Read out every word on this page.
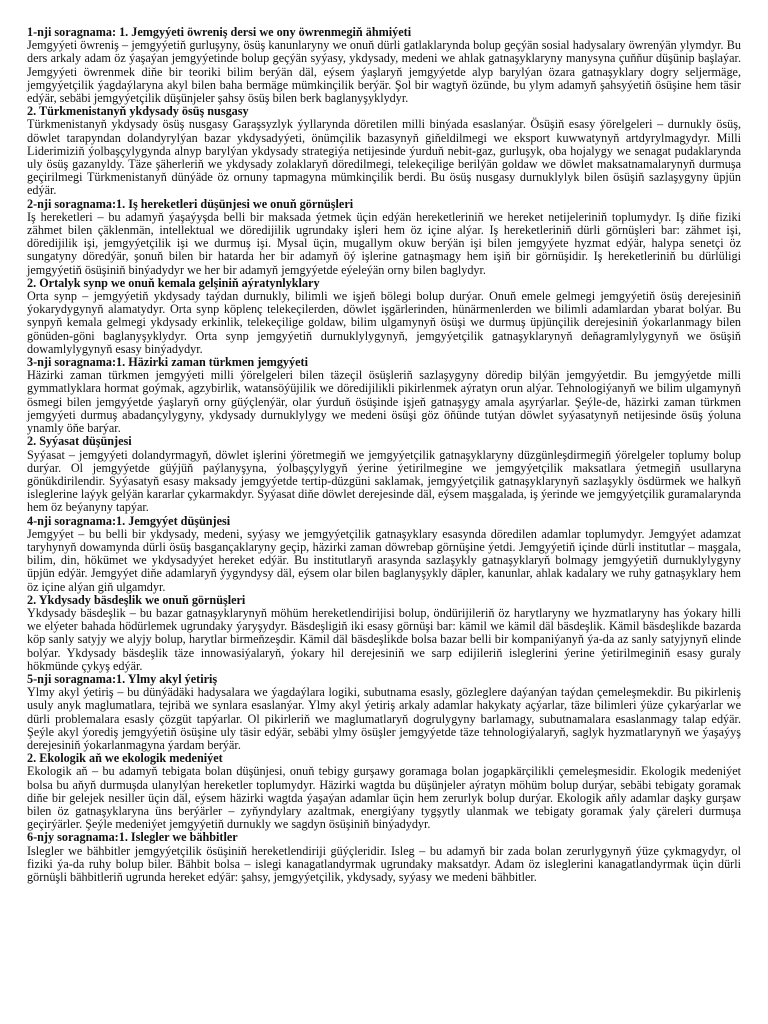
1-nji soragnama: 1. Jemgyýeti öwreniş dersi we ony öwrenmegiň ähmiýeti

Jemgyýeti öwreniş – jemgyýetiň gurluşyny, ösüş kanunlaryny we onuň dürli gatlaklarynda bolup geçýän sosial hadysalary öwrenýän ylymdyr. Bu ders arkaly adam öz ýaşaýan jemgyýetinde bolup geçýän syýasy, ykdysady, medeni we ahlak gatnaşyklaryny manysyna çuňňur düşünip başlaýar. Jemgyýeti öwrenmek diňe bir teoriki bilim berýän däl, eýsem ýaşlaryň jemgyýetde alyp barylýan özara gatnaşyklary dogry seljermäge, jemgyýetçilik ýagdaýlaryna akyl bilen baha bermäge mümkinçilik berýär. Şol bir wagtyň özünde, bu ylym adamyň şahsyýetiň ösüşine hem täsir edýär, sebäbi jemgyýetçilik düşünjeler şahsy ösüş bilen berk baglanyşyklydyr.

2. Türkmenistanyň ykdysady ösüş nusgasy

Türkmenistanyň ykdysady ösüş nusgasy Garaşsyzlyk ýyllarynda döretilen milli binýada esaslanýar. Ösüşiň esasy ýörelgeleri – durnukly ösüş, döwlet tarapyndan dolandyrylýan bazar ykdysadyýeti, önümçilik bazasynyň giňeldilmegi we eksport kuwwatynyň artdyrylmagydyr. Milli Liderimiziň ýolbaşçylygynda alnyp barylýan ykdysady strategiýa netijesinde ýurduň nebit-gaz, gurluşyk, oba hojalygy we senagat pudaklarynda uly ösüş gazanyldy. Täze şäherleriň we ykdysady zolaklaryň döredilmegi, telekeçilige berilýän goldaw we döwlet maksatnamalarynyň durmuşa geçirilmegi Türkmenistanyň dünýäde öz ornuny tapmagyna mümkinçilik berdi. Bu ösüş nusgasy durnuklylyk bilen ösüşiň sazlaşygyny üpjün edýär.

2-nji soragnama:1. Iş hereketleri düşünjesi we onuň görnüşleri

Iş hereketleri – bu adamyň ýaşaýyşda belli bir maksada ýetmek üçin edýän hereketleriniň we hereket netijeleriniň toplumydyr. Iş diňe fiziki zähmet bilen çäklenmän, intellektual we döredijilik ugrundaky işleri hem öz içine alýar. Iş hereketleriniň dürli görnüşleri bar: zähmet işi, döredijilik işi, jemgyýetçilik işi we durmuş işi. Mysal üçin, mugallym okuw berýän işi bilen jemgyýete hyzmat edýär, halypa senetçi öz sungatyny döredýär, şonuň bilen bir hatarda her bir adamyň öý işlerine gatnaşmagy hem işiň bir görnüşidir. Iş hereketleriniň bu dürlüligi jemgyýetiň ösüşiniň binýadydyr we her bir adamyň jemgyýetde eýeleýän orny bilen baglydyr.

2. Ortalyk synp we onuň kemala gelşiniň aýratynlyklary

Orta synp – jemgyýetiň ykdysady taýdan durnukly, bilimli we işjeň bölegi bolup durýar. Onuň emele gelmegi jemgyýetiň ösüş derejesiniň ýokarydygynyň alamatydyr. Orta synp köplenç telekeçilerden, döwlet işgärlerinden, hünärmenlerden we bilimli adamlardan ybarat bolýar. Bu synpyň kemala gelmegi ykdysady erkinlik, telekeçilige goldaw, bilim ulgamynyň ösüşi we durmuş üpjünçilik derejesiniň ýokarlanmagy bilen gönüden-göni baglanyşyklydyr. Orta synp jemgyýetiň durnuklylygynyň, jemgyýetçilik gatnaşyklarynyň deňagramlylygynyň we ösüşiň dowamlylygynyň esasy binýadydyr.

3-nji soragnama:1. Häzirki zaman türkmen jemgyýeti

Häzirki zaman türkmen jemgyýeti milli ýörelgeleri bilen täzeçil ösüşleriň sazlaşygyny döredip bilýän jemgyýetdir. Bu jemgyýetde milli gymmatlyklara hormat goýmak, agzybirlik, watansöýüjilik we döredijilikli pikirlenmek aýratyn orun alýar. Tehnologiýanyň we bilim ulgamynyň ösmegi bilen jemgyýetde ýaşlaryň orny güýçlenýär, olar ýurduň ösüşinde işjeň gatnaşygy amala aşyrýarlar. Şeýle-de, häzirki zaman türkmen jemgyýeti durmuş abadançylygyny, ykdysady durnuklylygy we medeni ösüşi göz öňünde tutýan döwlet syýasatynyň netijesinde ösüş ýoluna ynamly öňe barýar.

2. Syýasat düşünjesi

Syýasat – jemgyýeti dolandyrmagyň, döwlet işlerini ýöretmegiň we jemgyýetçilik gatnaşyklaryny düzgünleşdirmegiň ýörelgeler toplumy bolup durýar. Ol jemgyýetde güýjüň paýlanyşyna, ýolbaşçylygyň ýerine ýetirilmegine we jemgyýetçilik maksatlara ýetmegiň usullaryna gönükdirilendir. Syýasatyň esasy maksady jemgyýetde tertip-düzgüni saklamak, jemgyýetçilik gatnaşyklarynyň sazlaşykly ösdürmek we halkyň isleglerine laýyk gelýän kararlar çykarmakdyr. Syýasat diňe döwlet derejesinde däl, eýsem maşgalada, iş ýerinde we jemgyýetçilik guramalarynda hem öz beýanyny tapýar.

4-nji soragnama:1. Jemgyýet düşünjesi

Jemgyýet – bu belli bir ykdysady, medeni, syýasy we jemgyýetçilik gatnaşyklary esasynda döredilen adamlar toplumydyr. Jemgyýet adamzat taryhynyň dowamynda dürli ösüş basgançaklaryny geçip, häzirki zaman döwrebap görnüşine ýetdi. Jemgyýetiň içinde dürli institutlar – maşgala, bilim, din, hökümet we ykdysadyýet hereket edýär. Bu institutlaryň arasynda sazlaşykly gatnaşyklaryň bolmagy jemgyýetiň durnuklylygyny üpjün edýär. Jemgyýet diňe adamlaryň ýygyndysy däl, eýsem olar bilen baglanyşykly däpler, kanunlar, ahlak kadalary we ruhy gatnaşyklary hem öz içine alýan giň ulgamdyr.

2. Ykdysady bäsdeşlik we onuň görnüşleri

Ykdysady bäsdeşlik – bu bazar gatnaşyklarynyň möhüm hereketlendirijisi bolup, öndürijileriň öz harytlaryny we hyzmatlaryny has ýokary hilli we elýeter bahada hödürlemek ugrundaky ýaryşydyr. Bäsdeşligiň iki esasy görnüşi bar: kämil we kämil däl bäsdeşlik. Kämil bäsdeşlikde bazarda köp sanly satyjy we alyjy bolup, harytlar birmeňzeşdir. Kämil däl bäsdeşlikde bolsa bazar belli bir kompaniýanyň ýa-da az sanly satyjynyň elinde bolýar. Ykdysady bäsdeşlik täze innowasiýalaryň, ýokary hil derejesiniň we sarp edijileriň isleglerini ýerine ýetirilmeginiň esasy guraly hökmünde çykyş edýär.

5-nji soragnama:1. Ylmy akyl ýetiriş

Ylmy akyl ýetiriş – bu dünýädäki hadysalara we ýagdaýlara logiki, subutnama esasly, gözleglere daýanýan taýdan çemeleşmekdir. Bu pikirleniş usuly anyk maglumatlara, tejribä we synlara esaslanýar. Ylmy akyl ýetiriş arkaly adamlar hakykaty açýarlar, täze bilimleri ýüze çykarýarlar we dürli problemalara esasly çözgüt tapýarlar. Ol pikirleriň we maglumatlaryň dogrulygyny barlamagy, subutnamalara esaslanmagy talap edýär. Şeýle akyl ýorediş jemgyýetiň ösüşine uly täsir edýär, sebäbi ylmy ösüşler jemgyýetde täze tehnologiýalaryň, saglyk hyzmatlarynyň we ýaşaýyş derejesiniň ýokarlanmagyna ýardam berýär.

2. Ekologik aň we ekologik medeniýet

Ekologik aň – bu adamyň tebigata bolan düşünjesi, onuň tebigy gurşawy goramaga bolan jogapkärçilikli çemeleşmesidir. Ekologik medeniýet bolsa bu aňyň durmuşda ulanylýan hereketler toplumydyr. Häzirki wagtda bu düşünjeler aýratyn möhüm bolup durýar, sebäbi tebigaty goramak diňe bir gelejek nesiller üçin däl, eýsem häzirki wagtda ýaşaýan adamlar üçin hem zerurlyk bolup durýar. Ekologik aňly adamlar daşky gurşaw bilen öz gatnaşyklaryna üns berýärler – zyňyndylary azaltmak, energiýany tygşytly ulanmak we tebigaty goramak ýaly çäreleri durmuşa geçirýärler. Şeýle medeniýet jemgyýetiň durnukly we sagdyn ösüşiniň binýadydyr.

6-njy soragnama:1. Islegler we bähbitler

Islegler we bähbitler jemgyýetçilik ösüşiniň hereketlendiriji güýçleridir. Isleg – bu adamyň bir zada bolan zerurlygynyň ýüze çykmagydyr, ol fiziki ýa-da ruhy bolup biler. Bähbit bolsa – islegi kanagatlandyrmak ugrundaky maksatdyr. Adam öz isleglerini kanagatlandyrmak üçin dürli görnüşli bähbitleriň ugrunda hereket edýär: şahsy, jemgyýetçilik, ykdysady, syýasy we medeni bähbitler.
